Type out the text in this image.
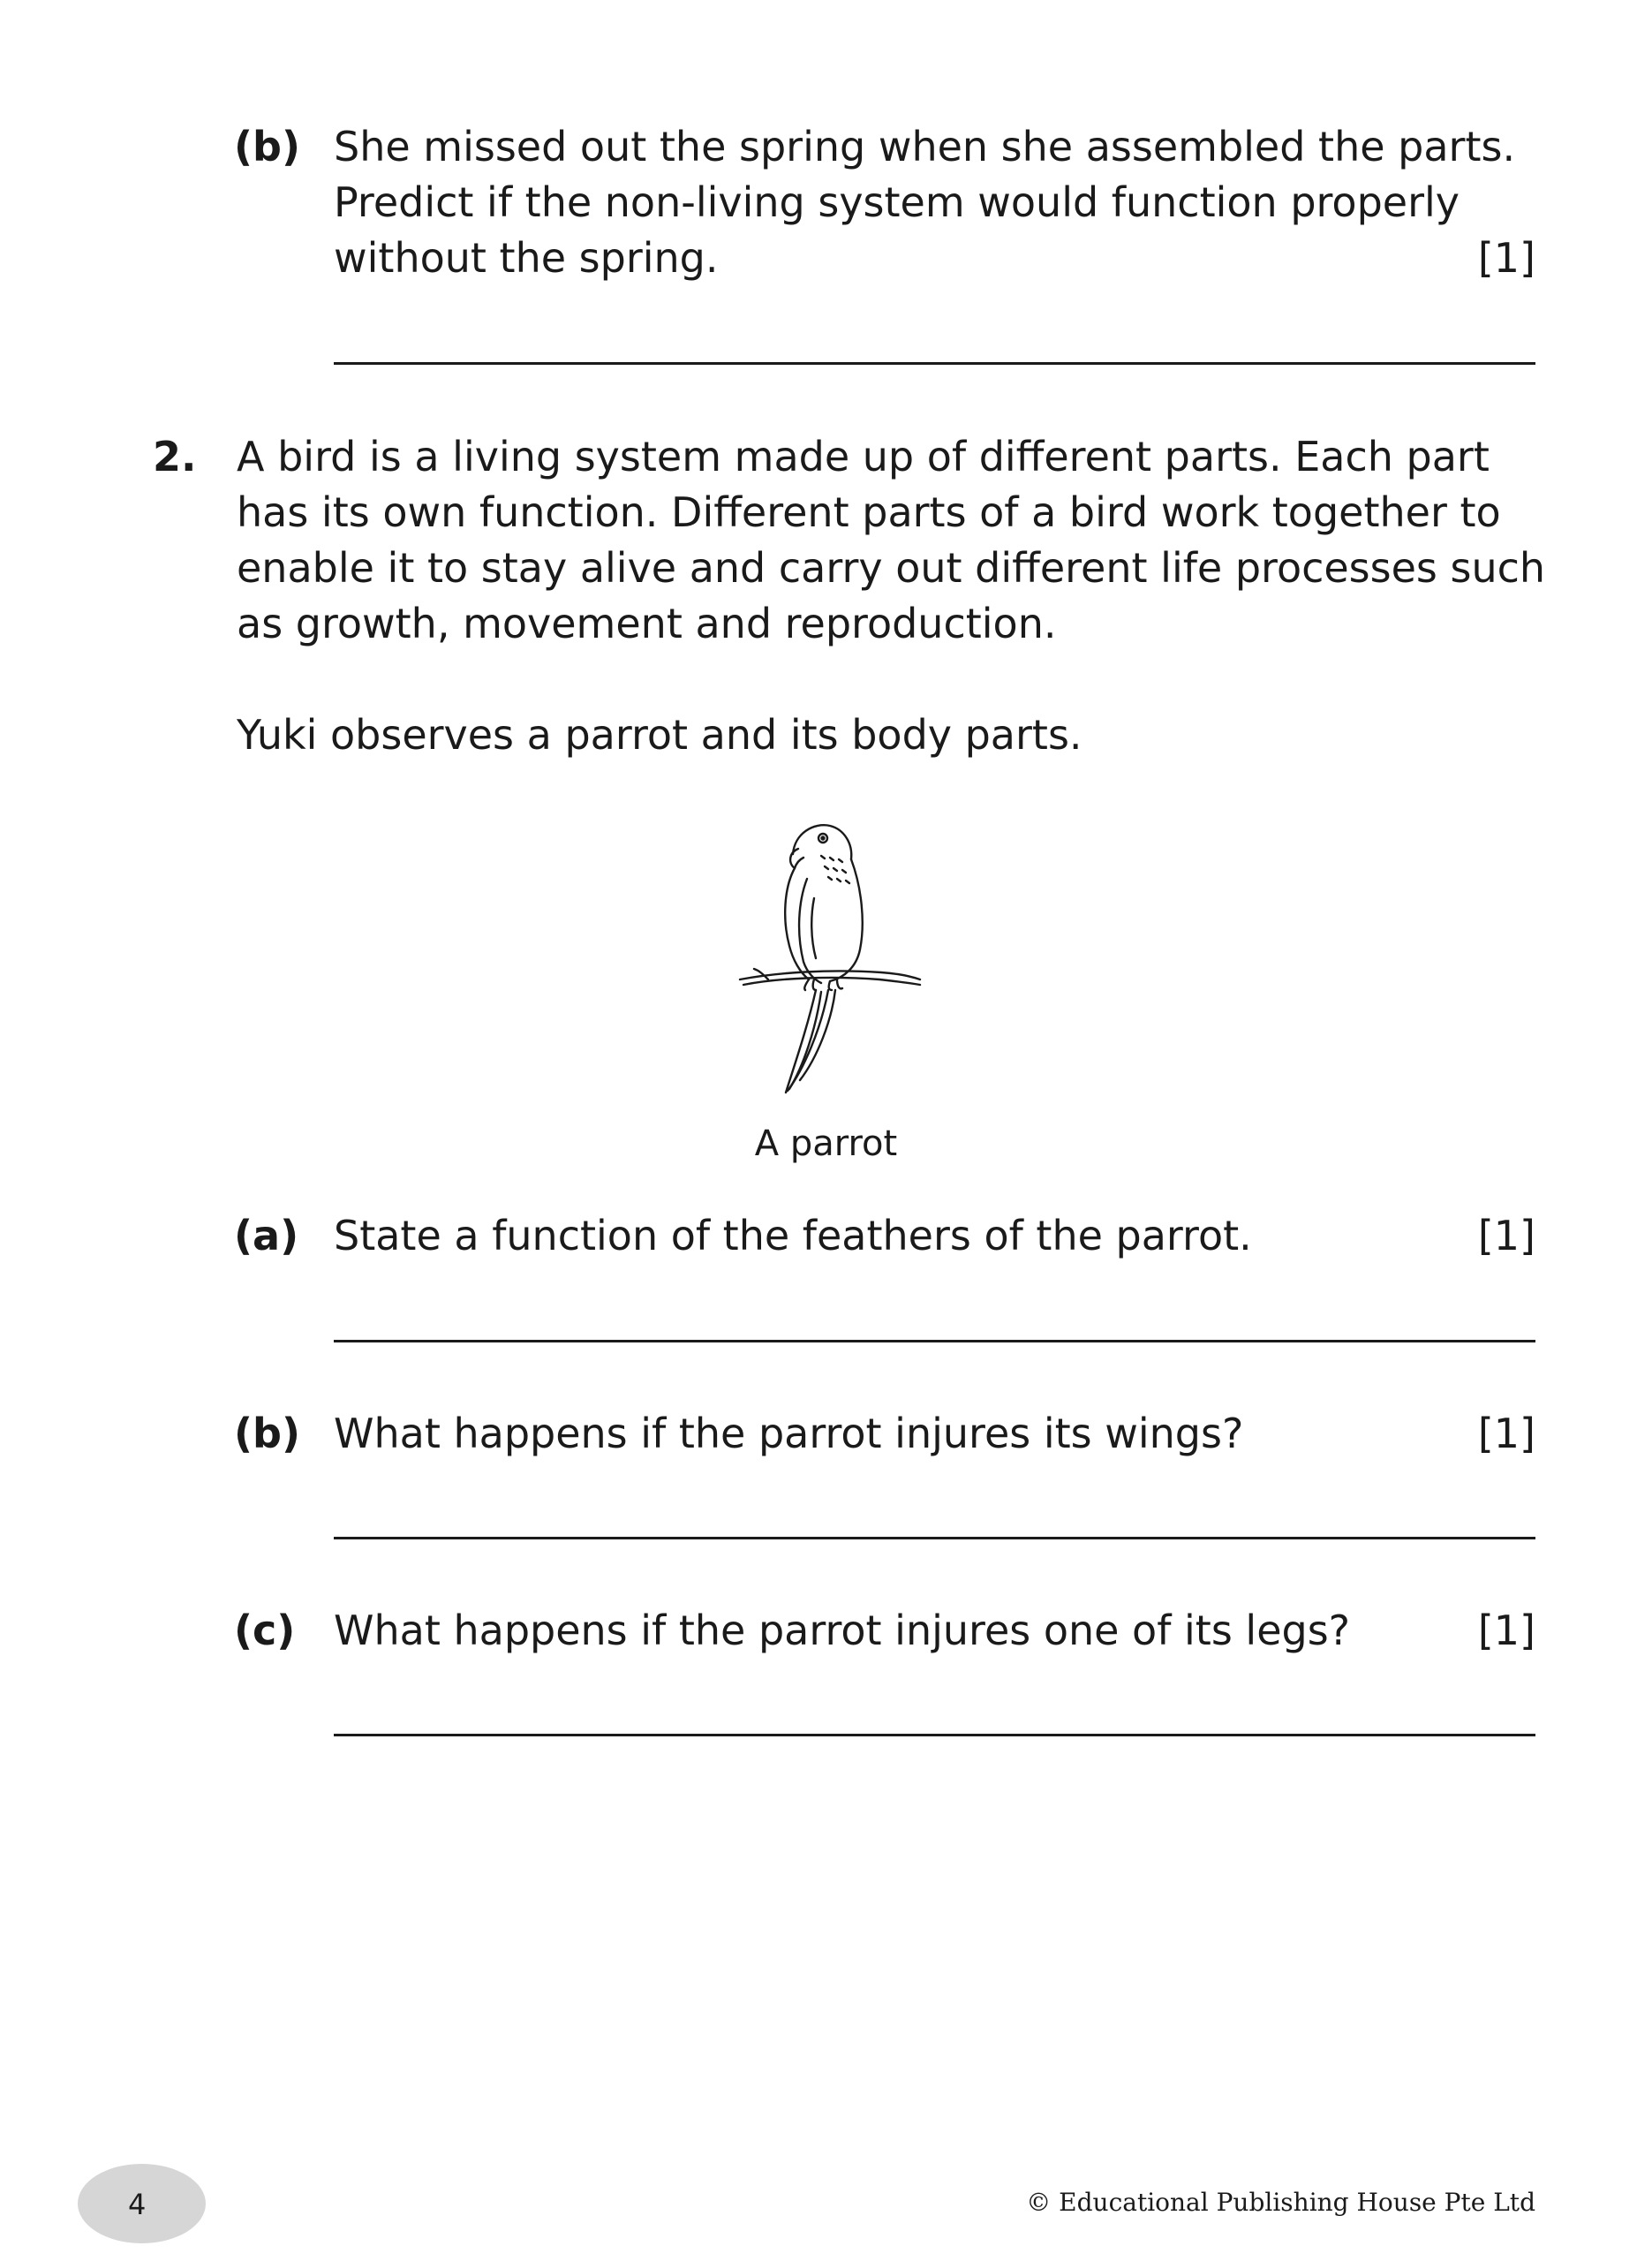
(b) She missed out the spring when she assembled the parts.

Predict if the non-living system would function properly

without the spring.	[1]
2. A bird is a living system made up of different parts. Each part

has its own function. Different parts of a bird work together to

enable it to stay alive and carry out different life processes such

as growth, movement and reproduction.

Yuki observes a parrot and its body parts.

A parrot
(a) State a function of the feathers of the parrot.	[1]
(b) What happens if the parrot injures its wings?	[1]
(c) What happens if the parrot injures one of its legs?	[1]
4	© Educational Publishing House Pte Ltd
